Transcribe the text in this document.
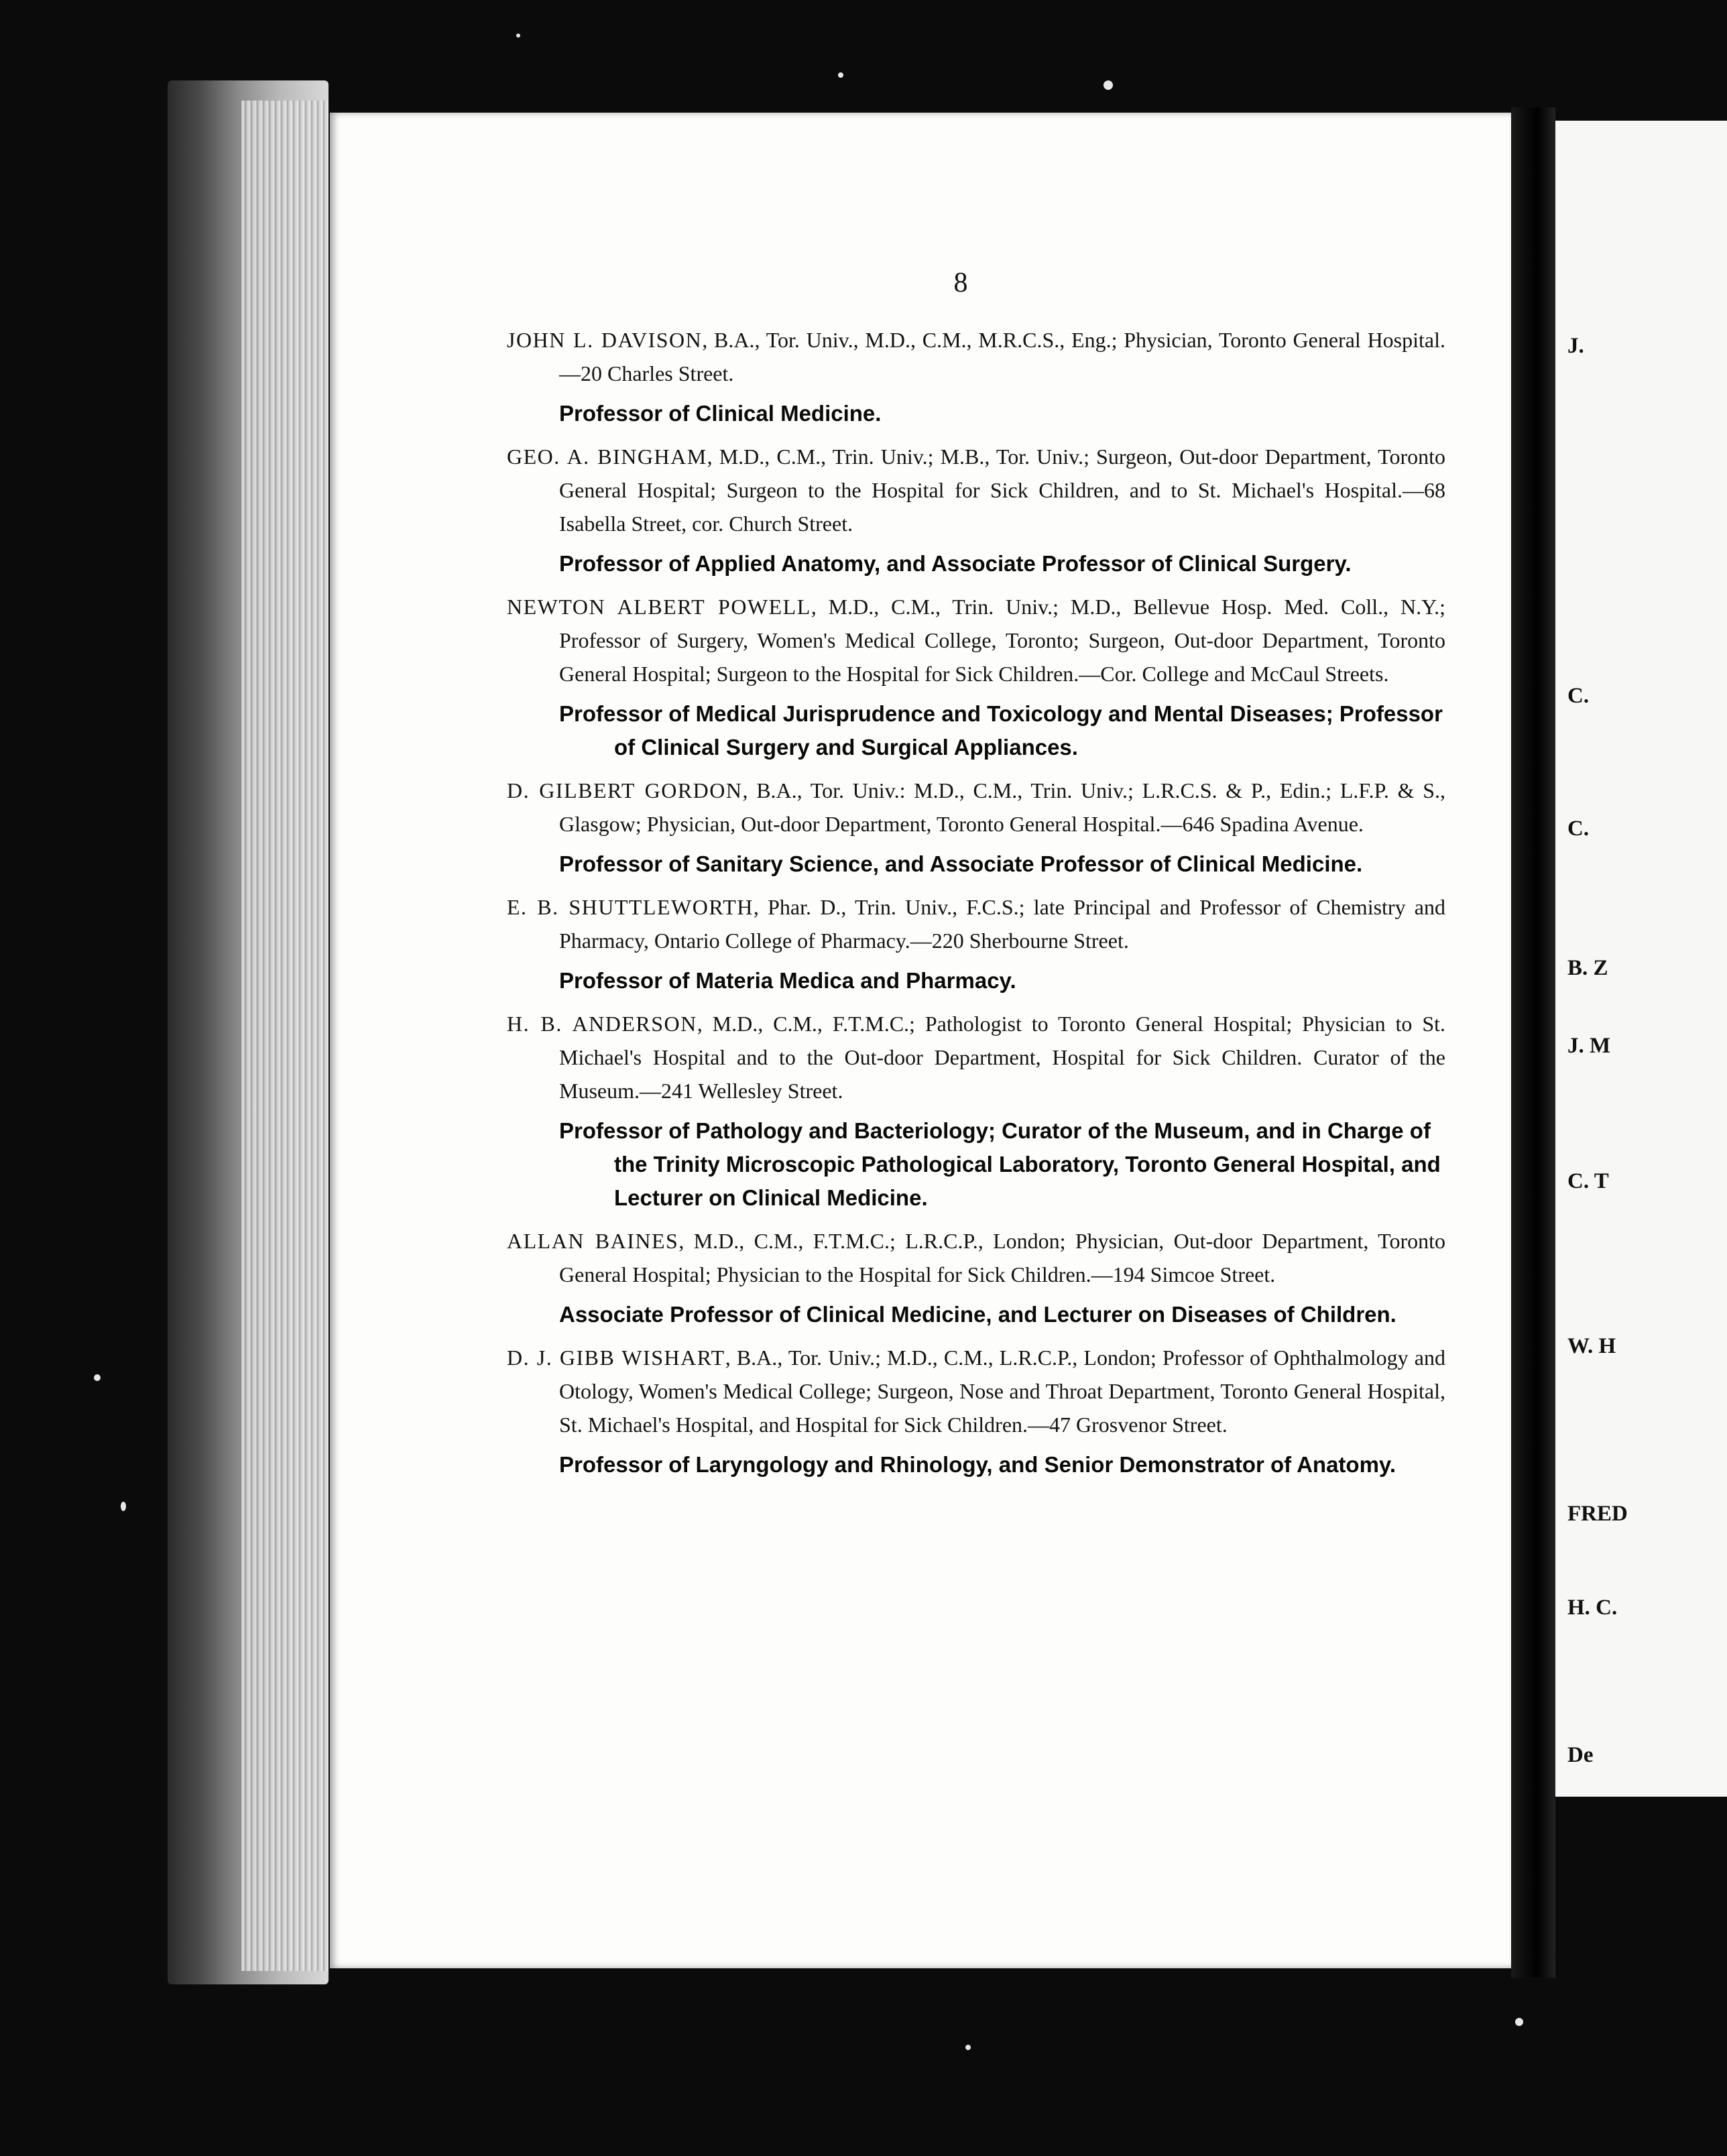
J.
C.
C.
B. Z
J. M
C. T
W. H
FRED
H. C.
De
8
JOHN L. DAVISON, B.A., Tor. Univ., M.D., C.M., M.R.C.S., Eng.; Physician, Toronto General Hospital.—20 Charles Street.
Professor of Clinical Medicine.
GEO. A. BINGHAM, M.D., C.M., Trin. Univ.; M.B., Tor. Univ.; Surgeon, Out-door Department, Toronto General Hospital; Surgeon to the Hospital for Sick Children, and to St. Michael's Hospital.—68 Isabella Street, cor. Church Street.
Professor of Applied Anatomy, and Associate Professor of Clinical Surgery.
NEWTON ALBERT POWELL, M.D., C.M., Trin. Univ.; M.D., Bellevue Hosp. Med. Coll., N.Y.; Professor of Surgery, Women's Medical College, Toronto; Surgeon, Out-door Department, Toronto General Hospital; Surgeon to the Hospital for Sick Children.—Cor. College and McCaul Streets.
Professor of Medical Jurisprudence and Toxicology and Mental Diseases; Professor of Clinical Surgery and Surgical Appliances.
D. GILBERT GORDON, B.A., Tor. Univ.: M.D., C.M., Trin. Univ.; L.R.C.S. & P., Edin.; L.F.P. & S., Glasgow; Physician, Out-door Department, Toronto General Hospital.—646 Spadina Avenue.
Professor of Sanitary Science, and Associate Professor of Clinical Medicine.
E. B. SHUTTLEWORTH, Phar. D., Trin. Univ., F.C.S.; late Principal and Professor of Chemistry and Pharmacy, Ontario College of Pharmacy.—220 Sherbourne Street.
Professor of Materia Medica and Pharmacy.
H. B. ANDERSON, M.D., C.M., F.T.M.C.; Pathologist to Toronto General Hospital; Physician to St. Michael's Hospital and to the Out-door Department, Hospital for Sick Children. Curator of the Museum.—241 Wellesley Street.
Professor of Pathology and Bacteriology; Curator of the Museum, and in Charge of the Trinity Microscopic Pathological Laboratory, Toronto General Hospital, and Lecturer on Clinical Medicine.
ALLAN BAINES, M.D., C.M., F.T.M.C.; L.R.C.P., London; Physician, Out-door Department, Toronto General Hospital; Physician to the Hospital for Sick Children.—194 Simcoe Street.
Associate Professor of Clinical Medicine, and Lecturer on Diseases of Children.
D. J. GIBB WISHART, B.A., Tor. Univ.; M.D., C.M., L.R.C.P., London; Professor of Ophthalmology and Otology, Women's Medical College; Surgeon, Nose and Throat Department, Toronto General Hospital, St. Michael's Hospital, and Hospital for Sick Children.—47 Grosvenor Street.
Professor of Laryngology and Rhinology, and Senior Demonstrator of Anatomy.
